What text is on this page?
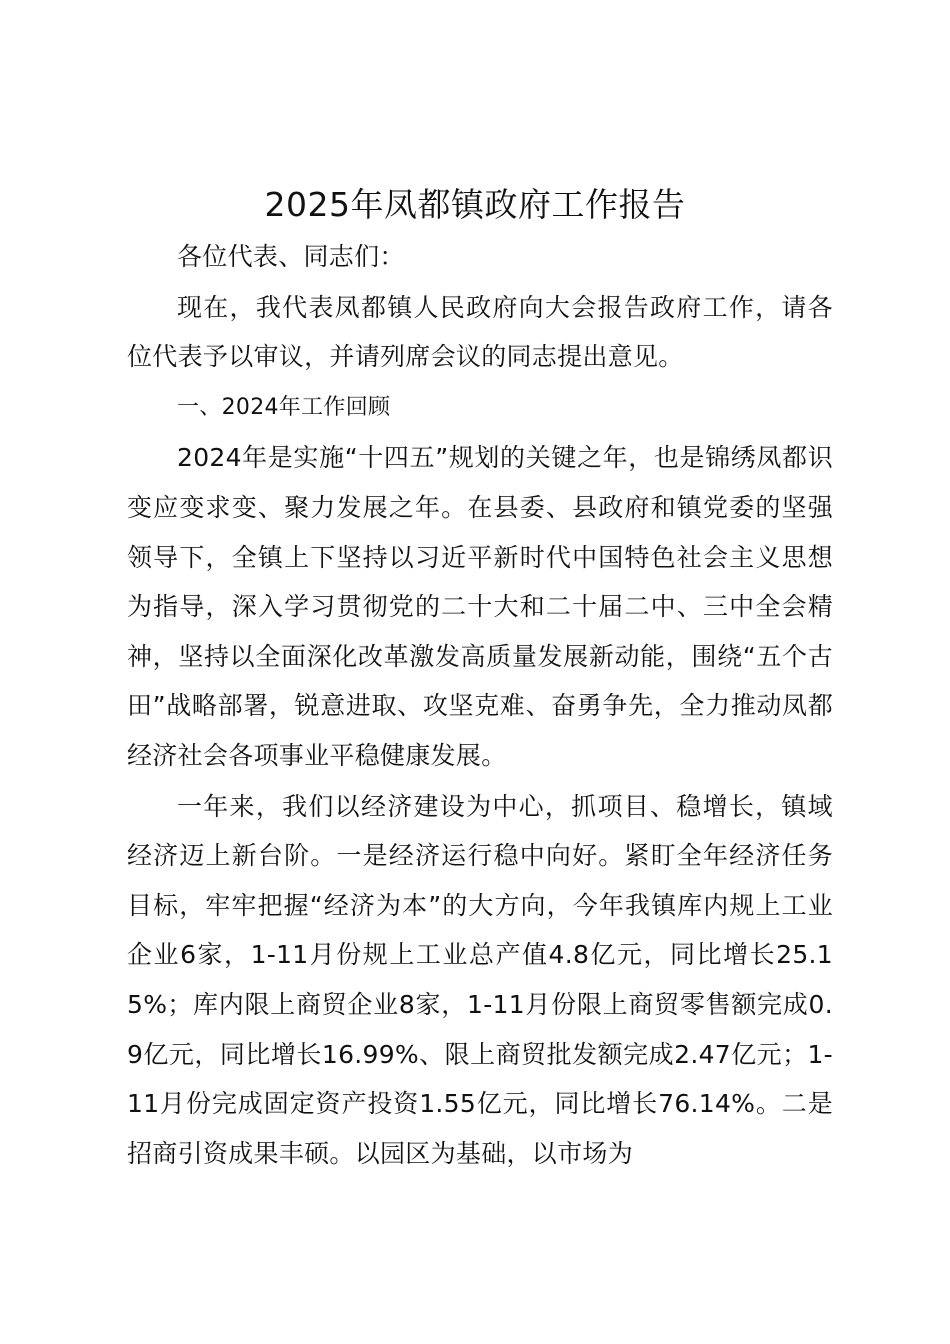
2025年凤都镇政府工作报告

各位代表、同志们：

现在，我代表凤都镇人民政府向大会报告政府工作，请各位代表予以审议，并请列席会议的同志提出意见。

一、2024年工作回顾

2024年是实施“十四五”规划的关键之年，也是锦绣凤都识变应变求变、聚力发展之年。在县委、县政府和镇党委的坚强领导下，全镇上下坚持以习近平新时代中国特色社会主义思想为指导，深入学习贯彻党的二十大和二十届二中、三中全会精神，坚持以全面深化改革激发高质量发展新动能，围绕“五个古田”战略部署，锐意进取、攻坚克难、奋勇争先，全力推动凤都经济社会各项事业平稳健康发展。

一年来，我们以经济建设为中心，抓项目、稳增长，镇域经济迈上新台阶。一是经济运行稳中向好。紧盯全年经济任务目标，牢牢把握“经济为本”的大方向，今年我镇库内规上工业企业6家，1-11月份规上工业总产值4.8亿元，同比增长25.15%；库内限上商贸企业8家，1-11月份限上商贸零售额完成0.9亿元，同比增长16.99%、限上商贸批发额完成2.47亿元；1-11月份完成固定资产投资1.55亿元，同比增长76.14%。二是招商引资成果丰硕。以园区为基础，以市场为
